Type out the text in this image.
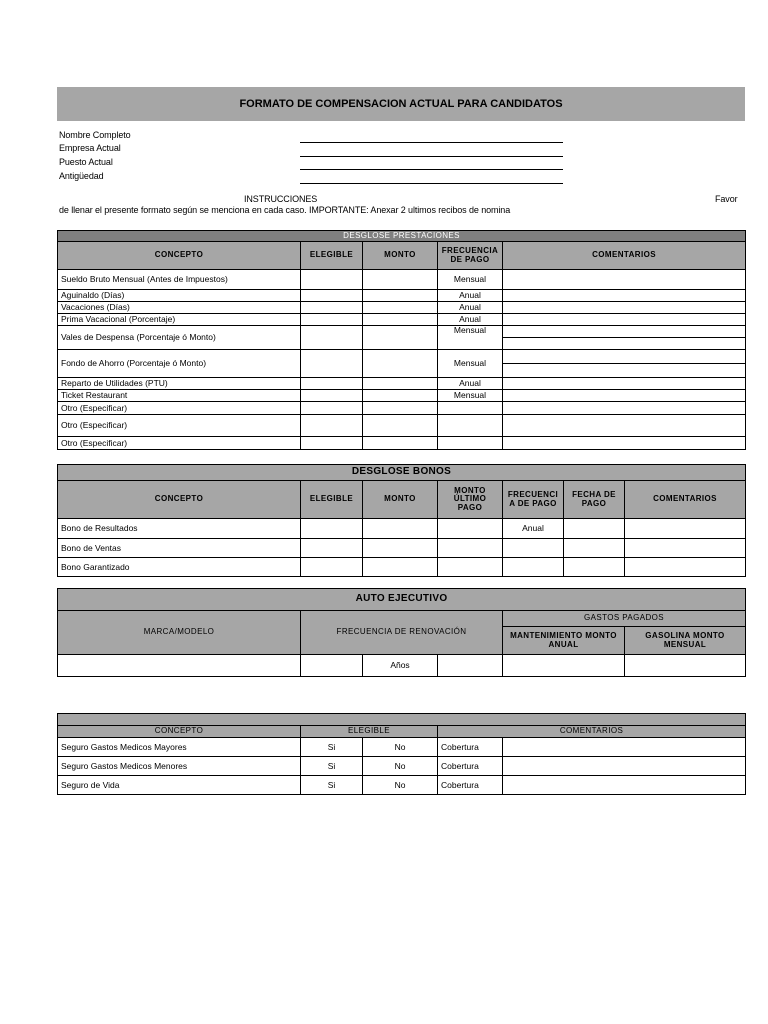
FORMATO DE COMPENSACION ACTUAL PARA CANDIDATOS
Nombre Completo
Empresa Actual
Puesto Actual
Antigüedad
INSTRUCCIONES	Favor
de llenar el presente formato según se menciona en cada caso. IMPORTANTE: Anexar 2 ultimos recibos de nomina
DESGLOSE PRESTACIONES				
CONCEPTO	ELEGIBLE	MONTO	FRECUENCIA DE PAGO	COMENTARIOS
Sueldo Bruto Mensual (Antes de Impuestos)			Mensual	
Aguinaldo (Días)			Anual	
Vacaciones (Días)			Anual	
Prima Vacacional (Porcentaje)			Anual	
Vales de Despensa (Porcentaje ó Monto)			Mensual	

Fondo de Ahorro (Porcentaje ó Monto)			Mensual	

Reparto de Utilidades (PTU)			Anual	
Ticket Restaurant			Mensual	
Otro (Especificar)				
Otro (Especificar)				
Otro (Especificar)				
DESGLOSE BONOS						
CONCEPTO	ELEGIBLE	MONTO	MONTO ÚLTIMO PAGO	FRECUENCIA DE PAGO	FECHA DE PAGO	COMENTARIOS
Bono de Resultados				Anual		
Bono de Ventas						
Bono Garantizado						
AUTO EJECUTIVO					
MARCA/MODELO	FRECUENCIA DE RENOVACIÓN			GASTOS PAGADOS	
				MANTENIMIENTO MONTO ANUAL	GASOLINA MONTO MENSUAL
		Años			

CONCEPTO	ELEGIBLE		COMENTARIOS	
Seguro Gastos Medicos Mayores	Si	No	Cobertura	
Seguro Gastos Medicos Menores	Si	No	Cobertura	
Seguro de Vida	Si	No	Cobertura	
